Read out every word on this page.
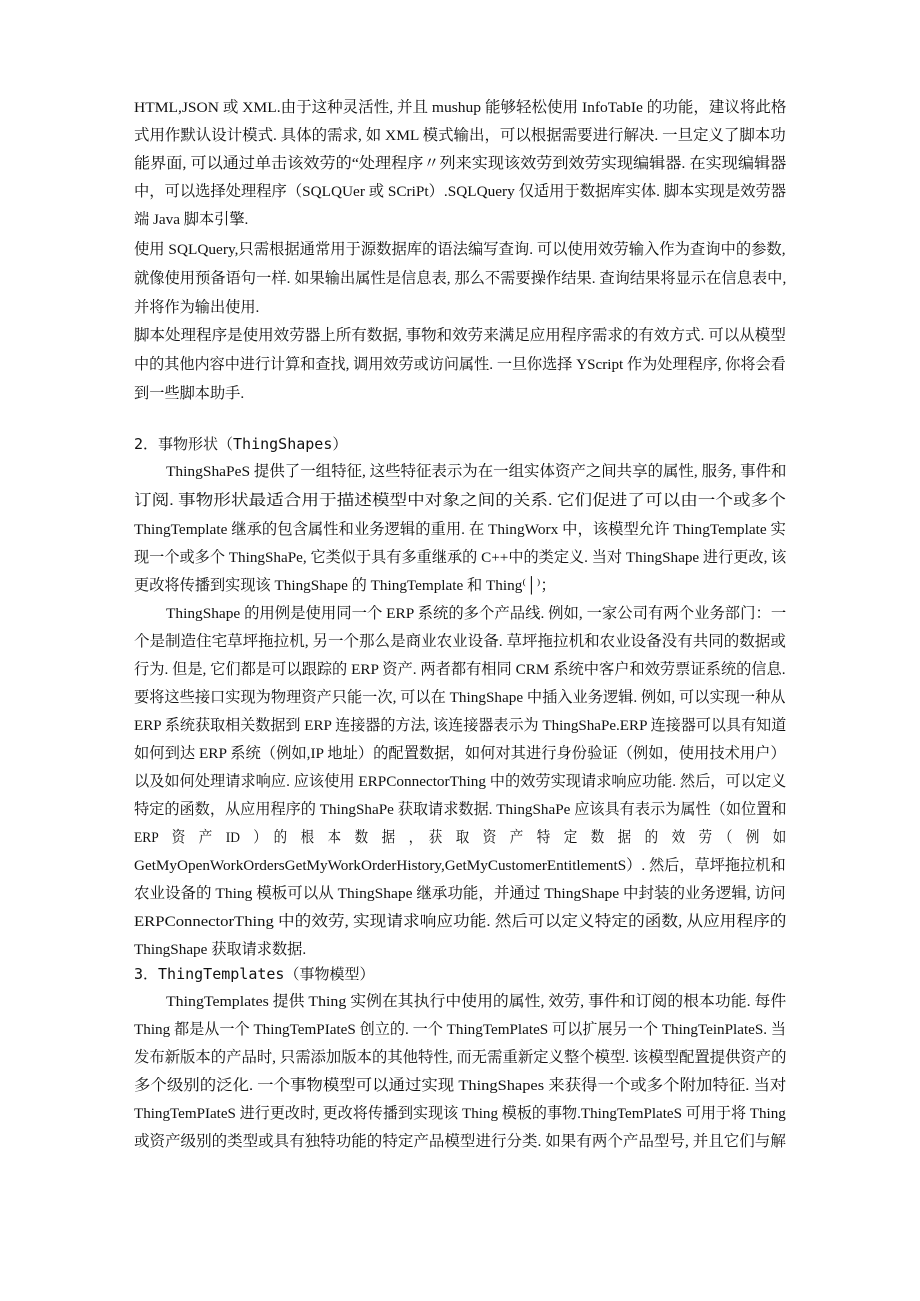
HTML,JSON 或 XML.由于这种灵活性, 并且 mushup 能够轻松使用 InfoTabIe 的功能，建议将此格
式用作默认设计模式. 具体的需求, 如 XML 模式输出，可以根据需要进行解决. 一旦定义了脚本功
能界面, 可以通过单击该效劳的“处理程序〃列来实现该效劳到效劳实现编辑器. 在实现编辑器
中，可以选择处理程序（SQLQUer 或 SCriPt）.SQLQuery 仅适用于数据库实体. 脚本实现是效劳器
端 Java 脚本引擎.
使用 SQLQuery,只需根据通常用于源数据库的语法编写查询. 可以使用效劳输入作为查询中的参数,
就像使用预备语句一样. 如果输出属性是信息表, 那么不需要操作结果. 查询结果将显示在信息表中,
并将作为输出使用.
脚本处理程序是使用效劳器上所有数据, 事物和效劳来满足应用程序需求的有效方式. 可以从模型
中的其他内容中进行计算和查找, 调用效劳或访问属性. 一旦你选择 YScript 作为处理程序, 你将会看
到一些脚本助手.
2．事物形状（ThingShapes）
ThingShaPeS 提供了一组特征, 这些特征表示为在一组实体资产之间共享的属性, 服务, 事件和
订阅. 事物形状最适合用于描述模型中对象之间的关系. 它们促进了可以由一个或多个
ThingTemplate 继承的包含属性和业务逻辑的重用. 在 ThingWorx 中，该模型允许 ThingTemplate 实
现一个或多个 ThingShaPe, 它类似于具有多重继承的 C++中的类定义. 当对 ThingShape 进行更改, 该
更改将传播到实现该 ThingShape 的 ThingTemplate 和 Thing⁽│⁾；
ThingShape 的用例是使用同一个 ERP 系统的多个产品线. 例如, 一家公司有两个业务部门：一
个是制造住宅草坪拖拉机, 另一个那么是商业农业设备. 草坪拖拉机和农业设备没有共同的数据或
行为. 但是, 它们都是可以跟踪的 ERP 资产. 两者都有相同 CRM 系统中客户和效劳票证系统的信息.
要将这些接口实现为物理资产只能一次, 可以在 ThingShape 中插入业务逻辑. 例如, 可以实现一种从
ERP 系统获取相关数据到 ERP 连接器的方法, 该连接器表示为 ThingShaPe.ERP 连接器可以具有知道
如何到达 ERP 系统（例如,IP 地址）的配置数据，如何对其进行身份验证（例如，使用技术用户）
以及如何处理请求响应. 应该使用 ERPConnectorThing 中的效劳实现请求响应功能. 然后，可以定义
特定的函数，从应用程序的 ThingShaPe 获取请求数据. ThingShaPe 应该具有表示为属性（如位置和
ERP　资　产　ID　）　的　根　本　数　据　，　获　取　资　产　特　定　数　据　的　效　劳　（　例　如
GetMyOpenWorkOrdersGetMyWorkOrderHistory,GetMyCustomerEntitlementS）. 然后，草坪拖拉机和
农业设备的 Thing 模板可以从 ThingShape 继承功能，并通过 ThingShape 中封装的业务逻辑, 访问
ERPConnectorThing 中的效劳, 实现请求响应功能. 然后可以定义特定的函数, 从应用程序的
ThingShape 获取请求数据.
3．ThingTemplates（事物模型）
ThingTemplates 提供 Thing 实例在其执行中使用的属性, 效劳, 事件和订阅的根本功能. 每件
Thing 都是从一个 ThingTemPIateS 创立的. 一个 ThingTemPlateS 可以扩展另一个 ThingTeinPlateS. 当
发布新版本的产品时, 只需添加版本的其他特性, 而无需重新定义整个模型. 该模型配置提供资产的
多个级别的泛化. 一个事物模型可以通过实现 ThingShapes 来获得一个或多个附加特征. 当对
ThingTemPIateS 进行更改时, 更改将传播到实现该 Thing 模板的事物.ThingTemPlateS 可用于将 Thing
或资产级别的类型或具有独特功能的特定产品模型进行分类. 如果有两个产品型号, 并且它们与解
